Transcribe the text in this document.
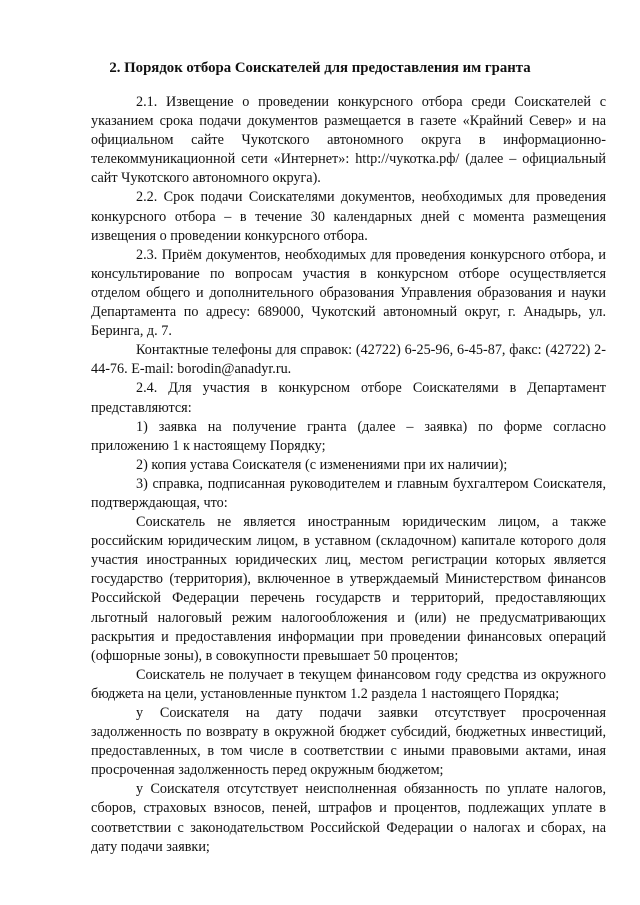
2. Порядок отбора Соискателей для предоставления им гранта

2.1. Извещение о проведении конкурсного отбора среди Соискателей с указанием срока подачи документов размещается в газете «Крайний Север» и на официальном сайте Чукотского автономного округа в информационно-телекоммуникационной сети «Интернет»: http://чукотка.рф/ (далее – официальный сайт Чукотского автономного округа).

2.2. Срок подачи Соискателями документов, необходимых для проведения конкурсного отбора – в течение 30 календарных дней с момента размещения извещения о проведении конкурсного отбора.

2.3. Приём документов, необходимых для проведения конкурсного отбора, и консультирование по вопросам участия в конкурсном отборе осуществляется отделом общего и дополнительного образования Управления образования и науки Департамента по адресу: 689000, Чукотский автономный округ, г. Анадырь, ул. Беринга, д. 7.

Контактные телефоны для справок: (42722) 6-25-96, 6-45-87, факс: (42722) 2-44-76. E-mail: borodin@anadyr.ru.

2.4. Для участия в конкурсном отборе Соискателями в Департамент представляются:

1) заявка на получение гранта (далее – заявка) по форме согласно приложению 1 к настоящему Порядку;

2) копия устава Соискателя (с изменениями при их наличии);

3) справка, подписанная руководителем и главным бухгалтером Соискателя, подтверждающая, что:

Соискатель не является иностранным юридическим лицом, а также российским юридическим лицом, в уставном (складочном) капитале которого доля участия иностранных юридических лиц, местом регистрации которых является государство (территория), включенное в утверждаемый Министерством финансов Российской Федерации перечень государств и территорий, предоставляющих льготный налоговый режим налогообложения и (или) не предусматривающих раскрытия и предоставления информации при проведении финансовых операций (офшорные зоны), в совокупности превышает 50 процентов;

Соискатель не получает в текущем финансовом году средства из окружного бюджета на цели, установленные пунктом 1.2 раздела 1 настоящего Порядка;

у Соискателя на дату подачи заявки отсутствует просроченная задолженность по возврату в окружной бюджет субсидий, бюджетных инвестиций, предоставленных, в том числе в соответствии с иными правовыми актами, иная просроченная задолженность перед окружным бюджетом;

у Соискателя отсутствует неисполненная обязанность по уплате налогов, сборов, страховых взносов, пеней, штрафов и процентов, подлежащих уплате в соответствии с законодательством Российской Федерации о налогах и сборах, на дату подачи заявки;
